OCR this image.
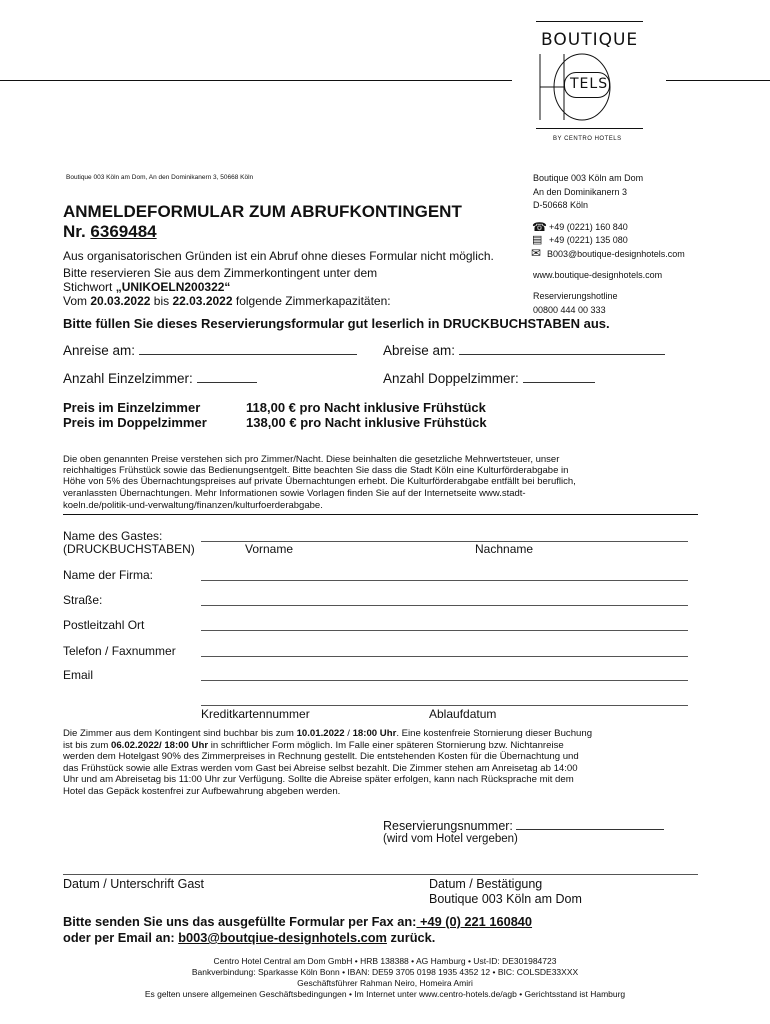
BOUTIQUE
TELS
BY CENTRO HOTELS
Boutique 003 Köln am Dom, An den Dominikanern 3, 50668 Köln	Boutique 003 Köln am Dom
An den Dominikanern 3
D-50668 Köln
☎ +49 (0221) 160 840
▤ +49 (0221) 135 080
✉ B003@boutique-designhotels.com
www.boutique-designhotels.com
Reservierungshotline
00800 444 00 333
ANMELDEFORMULAR ZUM ABRUFKONTINGENT
Nr. 6369484
Aus organisatorischen Gründen ist ein Abruf ohne dieses Formular nicht möglich.
Bitte reservieren Sie aus dem Zimmerkontingent unter dem
Stichwort „UNIKOELN200322“
Vom 20.03.2022 bis 22.03.2022 folgende Zimmerkapazitäten:
Bitte füllen Sie dieses Reservierungsformular gut leserlich in DRUCKBUCHSTABEN aus.
Anreise am:	Abreise am:
Anzahl Einzelzimmer:	Anzahl Doppelzimmer:
Preis im Einzelzimmer	118,00 € pro Nacht inklusive Frühstück
Preis im Doppelzimmer	138,00 € pro Nacht inklusive Frühstück
Die oben genannten Preise verstehen sich pro Zimmer/Nacht. Diese beinhalten die gesetzliche Mehrwertsteuer, unser
reichhaltiges Frühstück sowie das Bedienungsentgelt. Bitte beachten Sie dass die Stadt Köln eine Kulturförderabgabe in
Höhe von 5% des Übernachtungspreises auf private Übernachtungen erhebt. Die Kulturförderabgabe entfällt bei beruflich,
veranlassten Übernachtungen. Mehr Informationen sowie Vorlagen finden Sie auf der Internetseite www.stadt-
koeln.de/politik-und-verwaltung/finanzen/kulturfoerderabgabe.
Name des Gastes:
(DRUCKBUCHSTABEN)	Vorname	Nachname
Name der Firma:
Straße:
Postleitzahl Ort
Telefon / Faxnummer
Email
Kreditkartennummer	Ablaufdatum
Die Zimmer aus dem Kontingent sind buchbar bis zum 10.01.2022 / 18:00 Uhr. Eine kostenfreie Stornierung dieser Buchung
ist bis zum 06.02.2022/ 18:00 Uhr in schriftlicher Form möglich. Im Falle einer späteren Stornierung bzw. Nichtanreise
werden dem Hotelgast 90% des Zimmerpreises in Rechnung gestellt. Die entstehenden Kosten für die Übernachtung und
das Frühstück sowie alle Extras werden vom Gast bei Abreise selbst bezahlt. Die Zimmer stehen am Anreisetag ab 14:00
Uhr und am Abreisetag bis 11:00 Uhr zur Verfügung. Sollte die Abreise später erfolgen, kann nach Rücksprache mit dem
Hotel das Gepäck kostenfrei zur Aufbewahrung abgeben werden.
Reservierungsnummer:
(wird vom Hotel vergeben)
Datum / Unterschrift Gast	Datum / Bestätigung
Boutique 003 Köln am Dom
Bitte senden Sie uns das ausgefüllte Formular per Fax an: +49 (0) 221 160840
oder per Email an: b003@boutqiue-designhotels.com zurück.
Centro Hotel Central am Dom GmbH • HRB 138388 • AG Hamburg • Ust-ID: DE301984723
Bankverbindung: Sparkasse Köln Bonn • IBAN: DE59 3705 0198 1935 4352 12 • BIC: COLSDE33XXX
Geschäftsführer Rahman Neiro, Homeira Amiri
Es gelten unsere allgemeinen Geschäftsbedingungen • Im Internet unter www.centro-hotels.de/agb • Gerichtsstand ist Hamburg
